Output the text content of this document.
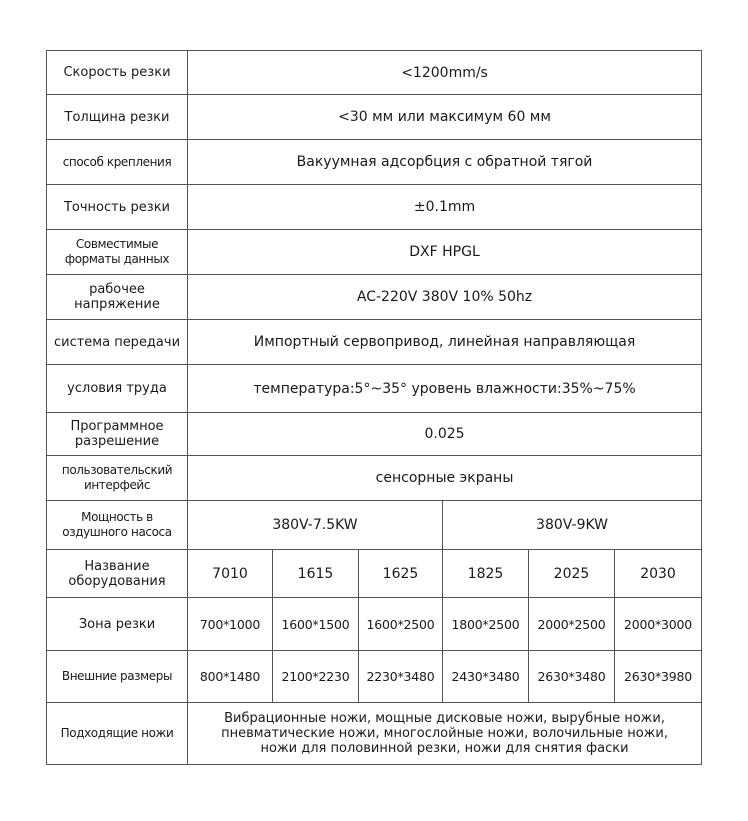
Скорость резки	<1200mm/s					
Толщина резки	<30 мм или максимум 60 мм					
способ крепления	Вакуумная адсорбция с обратной тягой					
Точность резки	±0.1mm					
Совместимые форматы данных	DXF HPGL					
рабочее напряжение	AC-220V 380V 10% 50hz					
система передачи	Импортный сервопривод, линейная направляющая					
условия труда	температура:5°~35° уровень влажности:35%~75%					
Программное разрешение	0.025					
пользовательский интерфейс	сенсорные экраны					
Мощность в оздушного насоса	380V-7.5KW			380V-9KW		
Название оборудования	7010	1615	1625	1825	2025	2030
Зона резки	700*1000	1600*1500	1600*2500	1800*2500	2000*2500	2000*3000
Внешние размеры	800*1480	2100*2230	2230*3480	2430*3480	2630*3480	2630*3980
Подходящие ножи	Вибрационные ножи, мощные дисковые ножи, вырубные ножи,
пневматические ножи, многослойные ножи, волочильные ножи,
ножи для половинной резки, ножи для снятия фаски					
